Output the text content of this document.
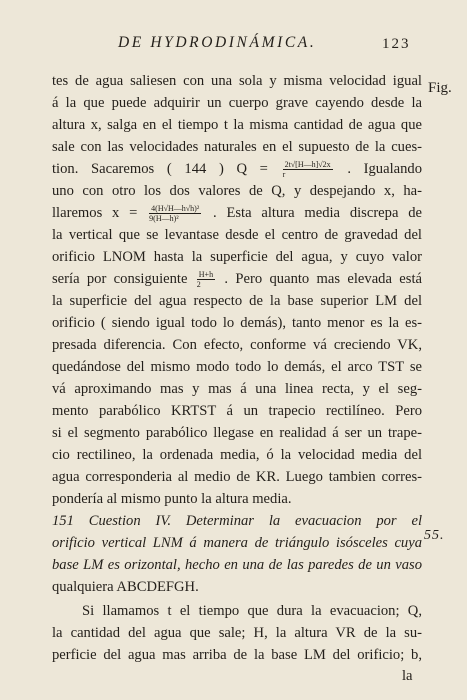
DE HYDRODINÁMICA.	123
Fig.
55.
tes de agua saliesen con una sola y misma velocidad igual
á la que puede adquirir un cuerpo grave cayendo desde la
altura x, salga en el tiempo t la misma cantidad de agua que
sale con las velocidades naturales en el supuesto de la cues-
tion. Sacaremos ( 144 ) $Q = \frac{2t√[H—h]√2x}{r}$ . Igualando
uno con otro los dos valores de Q, y despejando x, ha-
llaremos $x = \frac{\text{4(H√H—h√h)²}}{\text{9(H—h)²}}$ . Esta altura media discrepa de
la vertical que se levantase desde el centro de gravedad del
orificio LNOM hasta la superficie del agua, y cuyo valor
sería por consiguiente $\frac{H+h}{2}$ . Pero quanto mas elevada está
la superficie del agua respecto de la base superior LM del
orificio ( siendo igual todo lo demás), tanto menor es la es-
presada diferencia. Con efecto, conforme vá creciendo VK,
quedándose del mismo modo todo lo demás, el arco TST se
vá aproximando mas y mas á una linea recta, y el seg-
mento parabólico KRTST á un trapecio rectilíneo. Pero
si el segmento parabólico llegase en realidad á ser un trape-
cio rectilineo, la ordenada media, ó la velocidad media del
agua corresponderia al medio de KR. Luego tambien corres-
pondería al mismo punto la altura media.
151 Cuestion IV. Determinar la evacuacion por el
orificio vertical LNM á manera de triángulo isósceles cuya
base LM es orizontal, hecho en una de las paredes de un vaso
qualquiera ABCDEFGH.
Si llamamos t el tiempo que dura la evacuacion; Q,
la cantidad del agua que sale; H, la altura VR de la su-
perficie del agua mas arriba de la base LM del orificio; b,
la
